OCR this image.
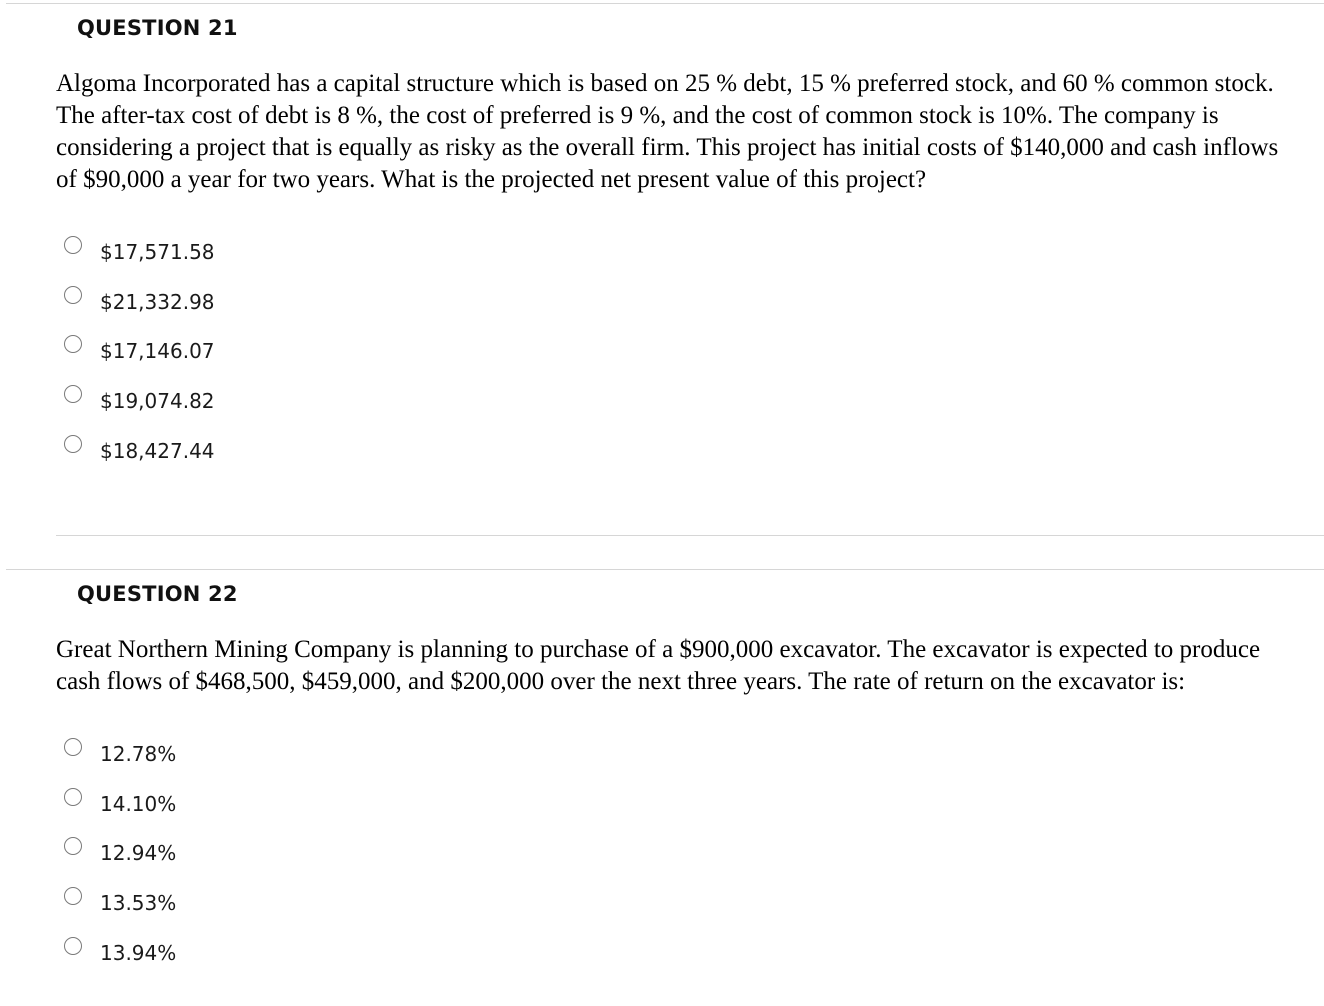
QUESTION 21

Algoma Incorporated has a capital structure which is based on 25 % debt, 15 % preferred stock, and 60 % common stock. The after-tax cost of debt is 8 %, the cost of preferred is 9 %, and the cost of common stock is 10%. The company is considering a project that is equally as risky as the overall firm. This project has initial costs of $140,000 and cash inflows of $90,000 a year for two years. What is the projected net present value of this project?

$17,571.58
$21,332.98
$17,146.07
$19,074.82
$18,427.44
QUESTION 22

Great Northern Mining Company is planning to purchase of a $900,000 excavator. The excavator is expected to produce cash flows of $468,500, $459,000, and $200,000 over the next three years. The rate of return on the excavator is:

12.78%
14.10%
12.94%
13.53%
13.94%
